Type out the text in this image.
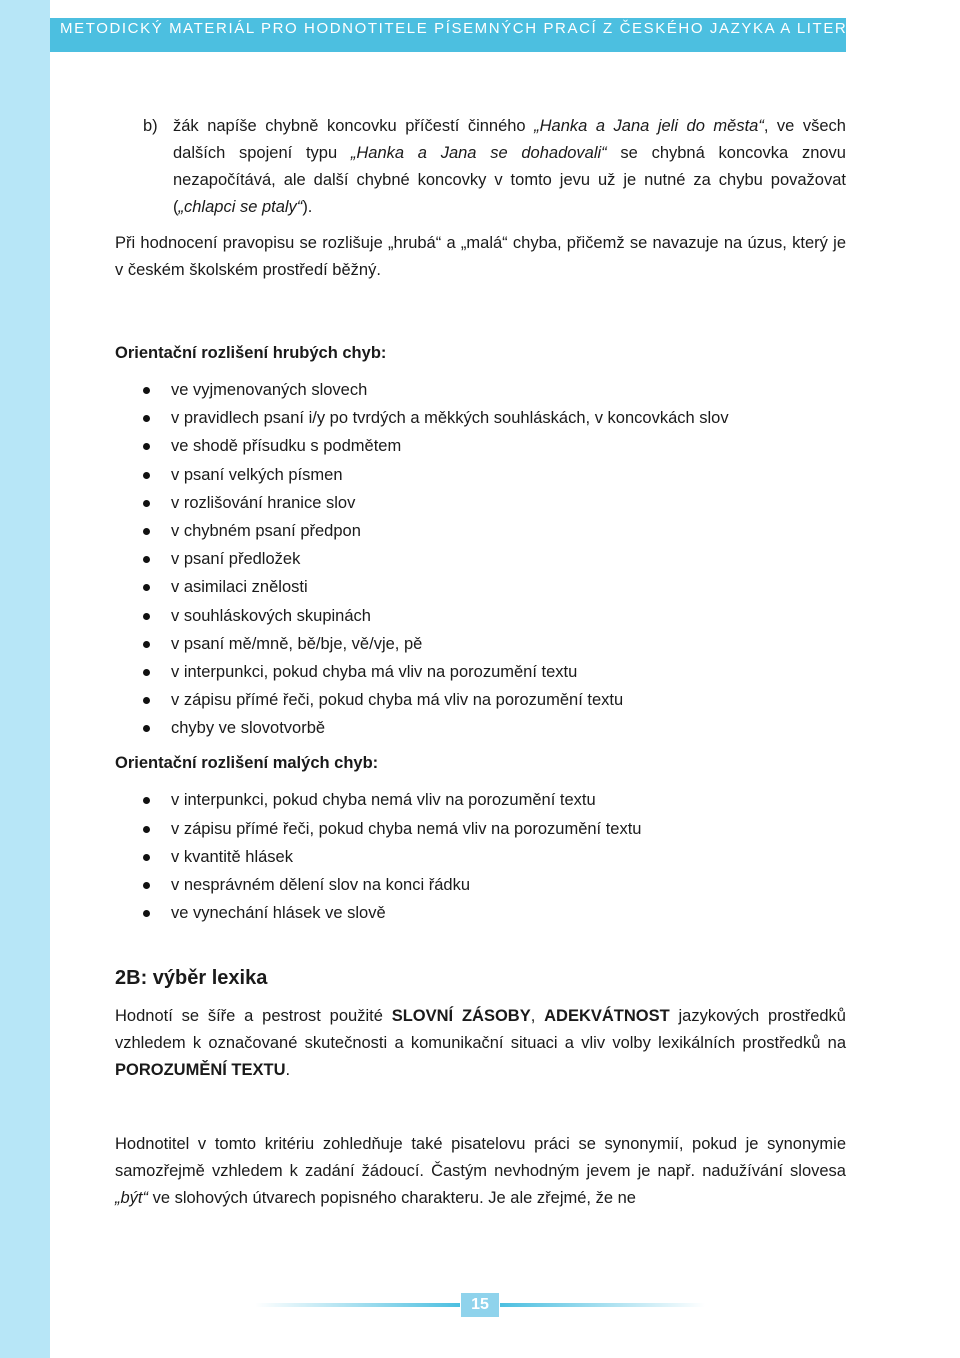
METODICKÝ MATERIÁL PRO HODNOTITELE PÍSEMNÝCH PRACÍ Z ČESKÉHO JAZYKA A LITERATURY

b) žák napíše chybně koncovku příčestí činného „Hanka a Jana jeli do města“, ve všech dalších spojení typu „Hanka a Jana se dohadovali“ se chybná koncovka znovu nezapočítává, ale další chybné koncovky v tomto jevu už je nutné za chybu považovat („chlapci se ptaly“).

Při hodnocení pravopisu se rozlišuje „hrubá“ a „malá“ chyba, přičemž se navazuje na úzus, který je v českém školském prostředí běžný.

Orientační rozlišení hrubých chyb:
ve vyjmenovaných slovech
v pravidlech psaní i/y po tvrdých a měkkých souhláskách, v koncovkách slov
ve shodě přísudku s podmětem
v psaní velkých písmen
v rozlišování hranice slov
v chybném psaní předpon
v psaní předložek
v asimilaci znělosti
v souhláskových skupinách
v psaní mě/mně, bě/bje, vě/vje, pě
v interpunkci, pokud chyba má vliv na porozumění textu
v zápisu přímé řeči, pokud chyba má vliv na porozumění textu
chyby ve slovotvorbě
Orientační rozlišení malých chyb:
v interpunkci, pokud chyba nemá vliv na porozumění textu
v zápisu přímé řeči, pokud chyba nemá vliv na porozumění textu
v kvantitě hlásek
v nesprávném dělení slov na konci řádku
ve vynechání hlásek ve slově
2B: výběr lexika

Hodnotí se šíře a pestrost použité SLOVNÍ ZÁSOBY, ADEKVÁTNOST jazykových prostředků vzhledem k označované skutečnosti a komunikační situaci a vliv volby lexikálních prostředků na POROZUMĚNÍ TEXTU.

Hodnotitel v tomto kritériu zohledňuje také pisatelovu práci se synonymií, pokud je synonymie samozřejmě vzhledem k zadání žádoucí. Častým nevhodným jevem je např. nadužívání slovesa „být“ ve slohových útvarech popisného charakteru. Je ale zřejmé, že ne

15
